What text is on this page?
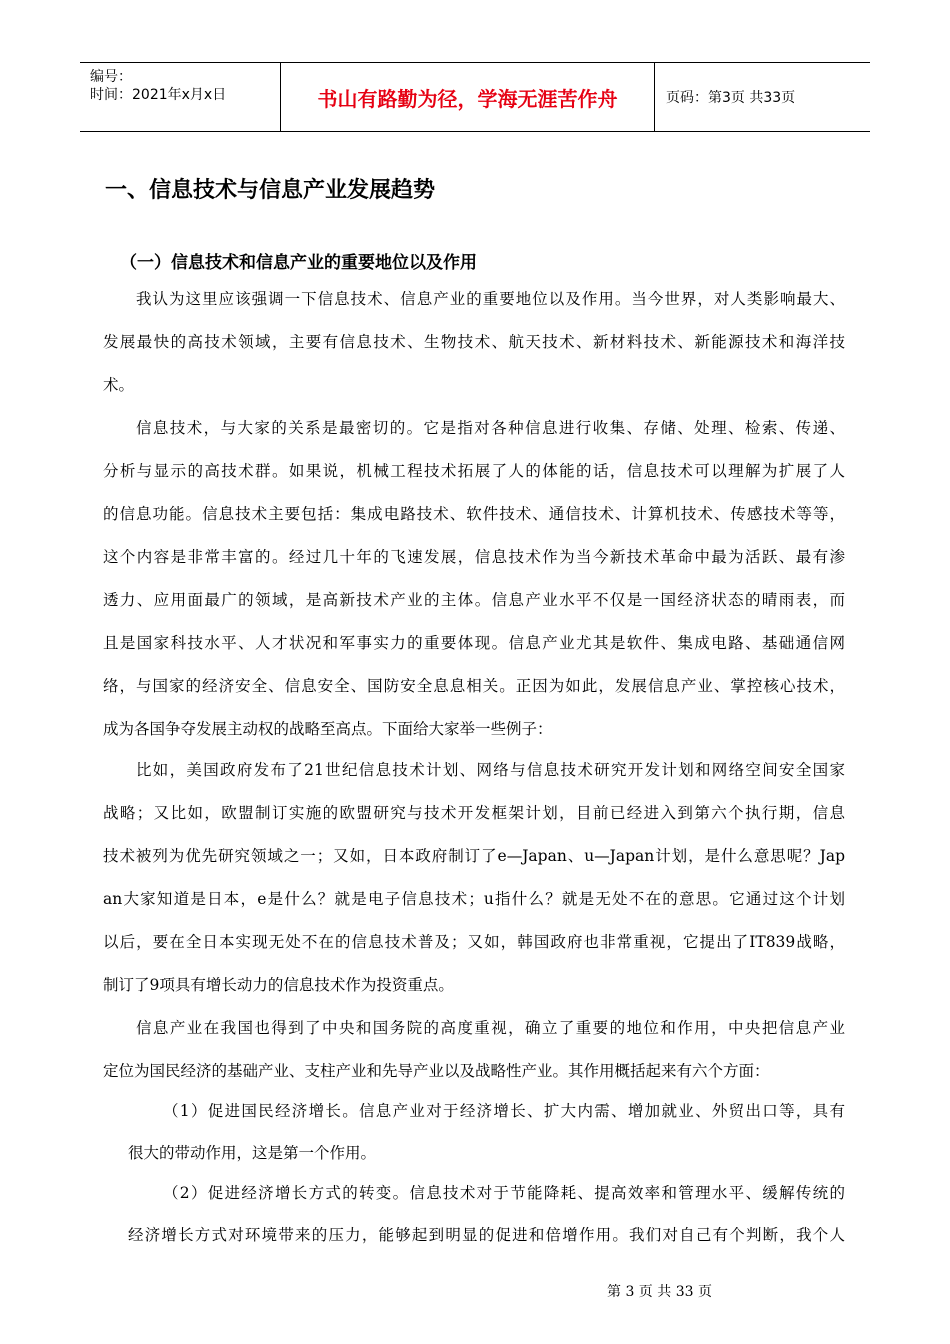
编号：
时间：2021年x月x日	书山有路勤为径，学海无涯苦作舟	页码：第3页 共33页
一、信息技术与信息产业发展趋势
（一）信息技术和信息产业的重要地位以及作用
我认为这里应该强调一下信息技术、信息产业的重要地位以及作用。当今世界，对人类影响最大、
发展最快的高技术领域，主要有信息技术、生物技术、航天技术、新材料技术、新能源技术和海洋技
术。
信息技术，与大家的关系是最密切的。它是指对各种信息进行收集、存储、处理、检索、传递、
分析与显示的高技术群。如果说，机械工程技术拓展了人的体能的话，信息技术可以理解为扩展了人
的信息功能。信息技术主要包括：集成电路技术、软件技术、通信技术、计算机技术、传感技术等等，
这个内容是非常丰富的。经过几十年的飞速发展，信息技术作为当今新技术革命中最为活跃、最有渗
透力、应用面最广的领域，是高新技术产业的主体。信息产业水平不仅是一国经济状态的晴雨表，而
且是国家科技水平、人才状况和军事实力的重要体现。信息产业尤其是软件、集成电路、基础通信网
络，与国家的经济安全、信息安全、国防安全息息相关。正因为如此，发展信息产业、掌控核心技术，
成为各国争夺发展主动权的战略至高点。下面给大家举一些例子：
比如，美国政府发布了21世纪信息技术计划、网络与信息技术研究开发计划和网络空间安全国家
战略；又比如，欧盟制订实施的欧盟研究与技术开发框架计划，目前已经进入到第六个执行期，信息
技术被列为优先研究领域之一；又如，日本政府制订了e—Japan、u—Japan计划，是什么意思呢？Jap
an大家知道是日本，e是什么？就是电子信息技术；u指什么？就是无处不在的意思。它通过这个计划
以后，要在全日本实现无处不在的信息技术普及；又如，韩国政府也非常重视，它提出了IT839战略，
制订了9项具有增长动力的信息技术作为投资重点。
信息产业在我国也得到了中央和国务院的高度重视，确立了重要的地位和作用，中央把信息产业
定位为国民经济的基础产业、支柱产业和先导产业以及战略性产业。其作用概括起来有六个方面：
（1）促进国民经济增长。信息产业对于经济增长、扩大内需、增加就业、外贸出口等，具有
很大的带动作用，这是第一个作用。
（2）促进经济增长方式的转变。信息技术对于节能降耗、提高效率和管理水平、缓解传统的
经济增长方式对环境带来的压力，能够起到明显的促进和倍增作用。我们对自己有个判断，我个人
第 3 页 共 33 页
